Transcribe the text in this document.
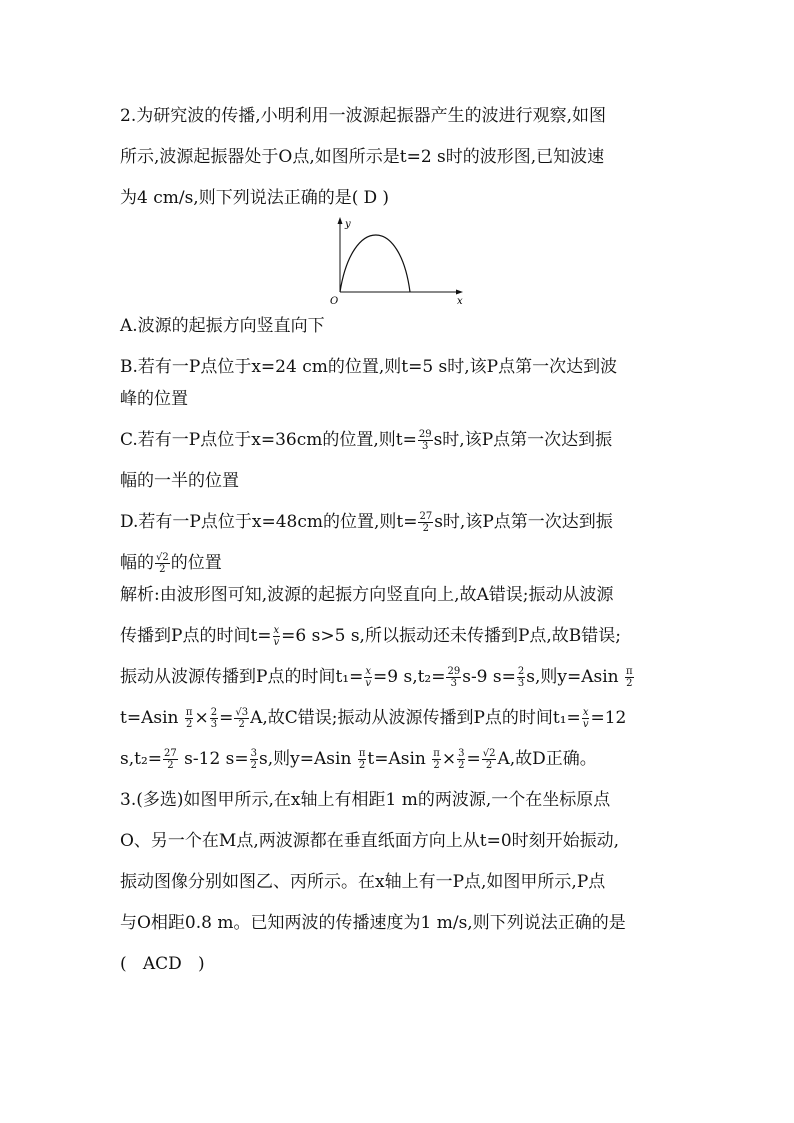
2.为研究波的传播,小明利用一波源起振器产生的波进行观察,如图
所示,波源起振器处于O点,如图所示是t=2 s时的波形图,已知波速
为4 cm/s,则下列说法正确的是( D )
y
x
O
A.波源的起振方向竖直向下
B.若有一P点位于x=24 cm的位置,则t=5 s时,该P点第一次达到波
峰的位置
C.若有一P点位于x=36cm的位置,则$t= \frac{29}{3}$ s时,该P点第一次达到振
幅的一半的位置
D.若有一P点位于x=48cm的位置,则$t= \frac{27}{2}$ s时,该P点第一次达到振
幅的 $\frac{√2}{2}$ 的位置
解析:由波形图可知,波源的起振方向竖直向上,故A错误;振动从波源
传播到P点的时间$t= \frac{x}{v} =6$ s>5 s,所以振动还未传播到P点,故B错误;
振动从波源传播到P点的时间$t_1= \frac{x}{v} =9$ $s,t_2= \frac{29}{3} s-9$ $s= \frac{2}{3} s$,则$y=Asin \frac{\pi}{2}$
$t=Asin \frac{\pi}{2} \times \frac{2}{3} = \frac{√3}{2} A$,故C错误;振动从波源传播到P点的时间$t_1= \frac{x}{v} =12$
$s,t_2= \frac{27}{2} s-12$ $s= \frac{3}{2} s$,则$y=Asin \frac{\pi}{2} t=Asin \frac{\pi}{2} \times \frac{3}{2} = \frac{√2}{2} A$,故D正确。
3.(多选)如图甲所示,在x轴上有相距1 m的两波源,一个在坐标原点
O、另一个在M点,两波源都在垂直纸面方向上从t=0时刻开始振动,
振动图像分别如图乙、丙所示。在x轴上有一P点,如图甲所示,P点
与O相距0.8 m。已知两波的传播速度为1 m/s,则下列说法正确的是
( ACD )
